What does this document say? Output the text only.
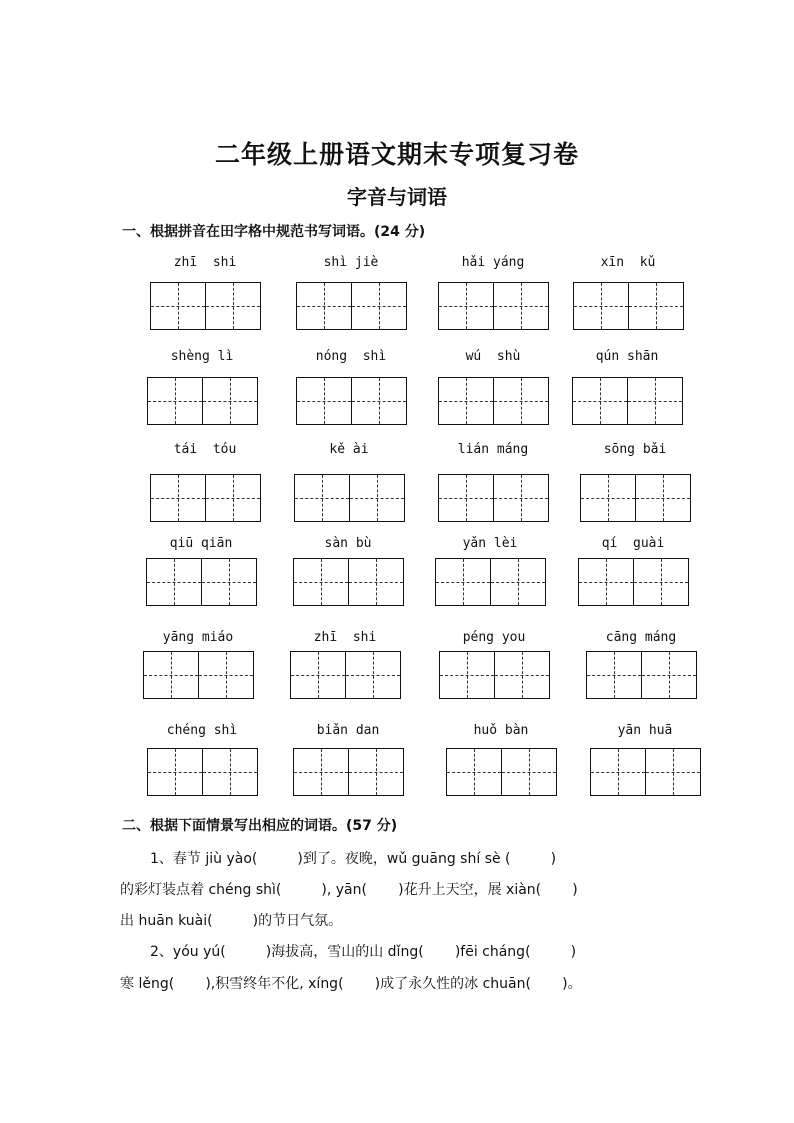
二年级上册语文期末专项复习卷
字音与词语
一、根据拼音在田字格中规范书写词语。(24 分)
zhī  shi	shì jiè	hǎi yáng	xīn  kǔ
shèng lì	nóng  shì	wú  shù	qún shān
tái  tóu	kě ài	lián máng	sōng bǎi
qiū qiān	sàn bù	yǎn lèi	qí  guài
yāng miáo	zhī  shi	péng you	cāng máng
chéng shì	biǎn dan	huǒ bàn	yān huā
二、根据下面情景写出相应的词语。(57 分)
1、春节 jiù yào(         )到了。夜晚，wǔ guāng shí sè (         )
的彩灯装点着 chéng shì(         ), yān(       )花升上天空，展 xiàn(       )
出 huān kuài(         )的节日气氛。
2、yóu yú(         )海拔高，雪山的山 dǐng(       )fēi cháng(         )
寒 lěng(       ),积雪终年不化, xíng(       )成了永久性的冰 chuān(       )。
